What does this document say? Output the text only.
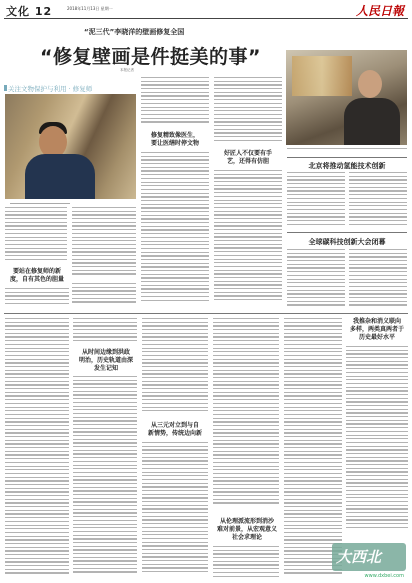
文化 12	2018年11月13日 星期一	人民日報
“泥三代”李晓洋的壁画修复全国
“修复壁画是件挺美的事”
本报记者
关注文物保护与利用 · 修复师
要站在修复师的新
度，自有其色的胆量
修复精致像医生，
要让医缮时停文物
好匠人不仅要有手
艺，还得有仿胆
北京将推动氢能技术创新
全球碳科技创新大会闭幕
从时间边缘到洪政
明治，历史轨道由深
发生记知
从三元对立到与自
新情势，传统边向新
从伦理派流形到消沙
难对前景，从宏观意义
社会求理论
我推杂和消义联向
多样，两类真两者于
历史最好水平
大西北
www.dxbei.com
